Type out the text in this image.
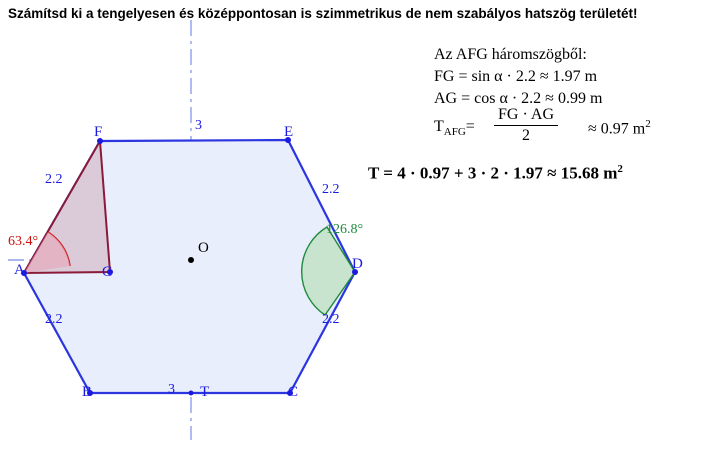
Számítsd ki a tengelyesen és középpontosan is szimmetrikus de nem szabályos hatszög területét!
A
B	C
D
E
F
G
O
T
2.2
2.2
2.2
2.2
3
3
63.4°
126.8°
Az AFG háromszögből:
FG = sin α · 2.2 ≈ 1.97 m
AG = cos α · 2.2 ≈ 0.99 m
$T_{AFG}=$
FG · AG
2	≈ 0.97 $m^2$
T = 4 · 0.97 + 3 · 2 · 1.97 ≈ 15.68 $m^2$
